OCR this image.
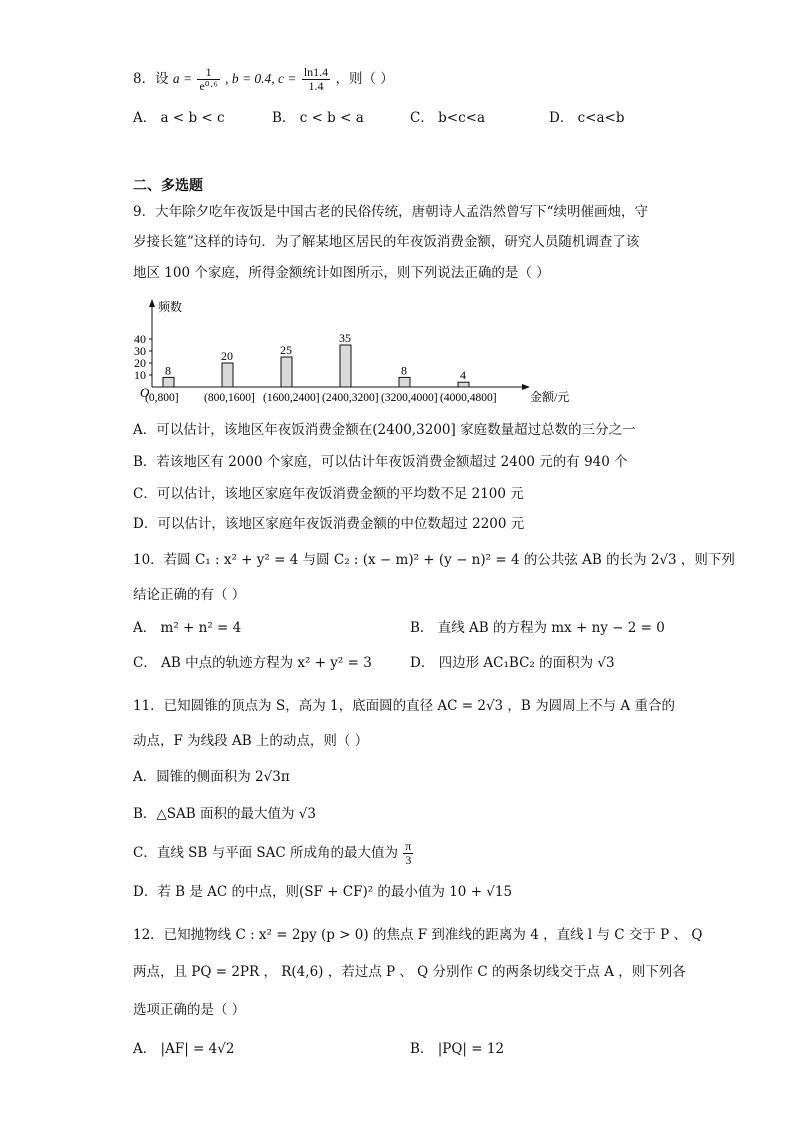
8．设 $a = \frac{1}{\text{e⁰·⁶}}$ , b = 0.4, $c = \frac{\ln 1.4}{1.4}$ ，则（ ）
A． a < b < c	B． c < b < a	C． b<c<a	D． c<a<b
二、多选题
9．大年除夕吃年夜饭是中国古老的民俗传统，唐朝诗人孟浩然曾写下“续明催画烛，守
岁接长筵”这样的诗句．为了解某地区居民的年夜饭消费金额，研究人员随机调查了该
地区 100 个家庭，所得金额统计如图所示，则下列说法正确的是（ ）
频数
金额/元
O
10
20
30
40
8
(0,800]
20
(800,1600]
25
(1600,2400]
35
(2400,3200]
8
(3200,4000]
4
(4000,4800]
A．可以估计，该地区年夜饭消费金额在(2400,3200] 家庭数量超过总数的三分之一
B．若该地区有 2000 个家庭，可以估计年夜饭消费金额超过 2400 元的有 940 个
C．可以估计，该地区家庭年夜饭消费金额的平均数不足 2100 元
D．可以估计，该地区家庭年夜饭消费金额的中位数超过 2200 元
10．若圆 C₁ : x² + y² = 4 与圆 C₂ : (x − m)² + (y − n)² = 4 的公共弦 AB 的长为 2√3 ，则下列
结论正确的有（ ）
A． m² + n² = 4	B． 直线 AB 的方程为 mx + ny − 2 = 0
C． AB 中点的轨迹方程为 x² + y² = 3	D． 四边形 AC₁BC₂ 的面积为 √3
11．已知圆锥的顶点为 S，高为 1，底面圆的直径 AC = 2√3 ，B 为圆周上不与 A 重合的
动点，F 为线段 AB 上的动点，则（ ）
A．圆锥的侧面积为 2√3π
B．△SAB 面积的最大值为 √3
C．直线 SB 与平面 SAC 所成角的最大值为 $\frac{\pi}{3}$
D．若 B 是 AC 的中点，则(SF + CF)² 的最小值为 10 + √15
12．已知抛物线 C : x² = 2py (p > 0) 的焦点 F 到准线的距离为 4 ，直线 l 与 C 交于 P 、 Q
两点，且 PQ = 2PR ， R(4,6) ，若过点 P 、 Q 分别作 C 的两条切线交于点 A ，则下列各
选项正确的是（ ）
A． |AF| = 4√2	B． |PQ| = 12
